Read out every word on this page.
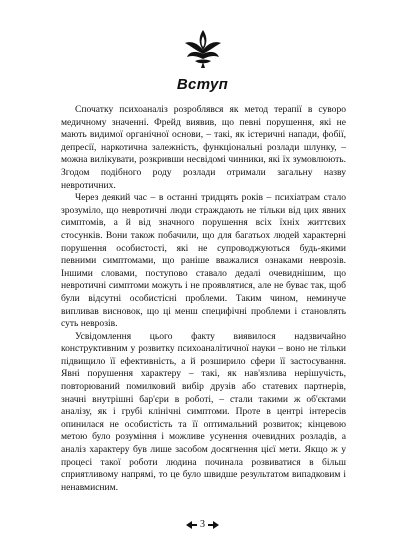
Вступ

Спочатку психоаналіз розроблявся як метод терапії в суворо медичному значенні. Фрейд виявив, що певні порушення, які не мають видимої органічної основи, – такі, як істеричні напади, фобії, депресії, наркотична залежність, функціональні розлади шлунку, – можна вилікувати, розкривши несвідомі чинники, які їх зумовлюють. Згодом подібного роду розлади отримали загальну назву невротичних.

Через деякий час – в останні тридцять років – психіатрам стало зрозуміло, що невротичні люди страждають не тільки від цих явних симптомів, а й від значного порушення всіх їхніх життєвих стосунків. Вони також побачили, що для багатьох людей характерні порушення особистості, які не супроводжуються будь-якими певними симптомами, що раніше вважалися ознаками неврозів. Іншими словами, поступово ставало дедалі очевиднішим, що невротичні симптоми можуть і не проявлятися, але не буває так, щоб були відсутні особистісні проблеми. Таким чином, неминуче випливав висновок, що ці менш специфічні проблеми і становлять суть неврозів.

Усвідомлення цього факту виявилося надзвичайно конструктивним у розвитку психоаналітичної науки – воно не тільки підвищило її ефективність, а й розширило сфери її застосування. Явні порушення характеру – такі, як нав'язлива нерішучість, повторюваний помилковий вибір друзів або статевих партнерів, значні внутрішні бар'єри в роботі, – стали такими ж об'єктами аналізу, як і грубі клінічні симптоми. Проте в центрі інтересів опинилася не особистість та її оптимальний розвиток; кінцевою метою було розуміння і можливе усунення очевидних розладів, а аналіз характеру був лише засобом досягнення цієї мети. Якщо ж у процесі такої роботи людина починала розвиватися в більш сприятливому напрямі, то це було швидше результатом випадковим і ненавмисним.

3
